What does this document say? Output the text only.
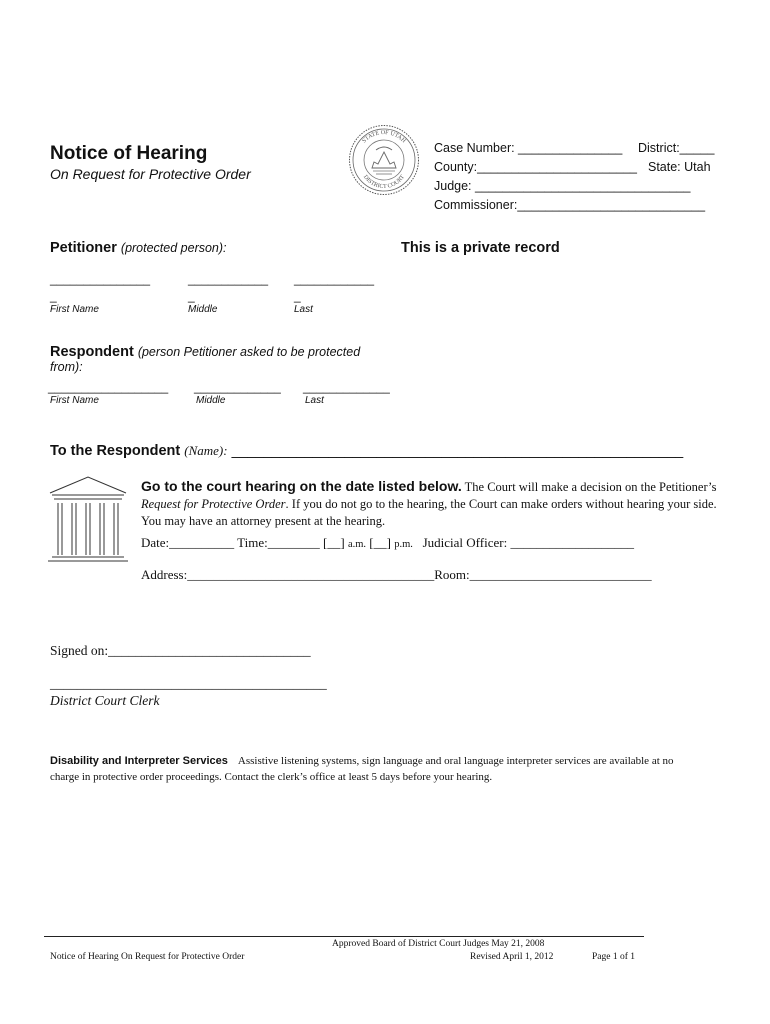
Notice of Hearing
On Request for Protective Order
STATE OF UTAH
DISTRICT COURT
Case Number: _______________ District:_____
County:_______________________ State: Utah
Judge: _______________________________
Commissioner:___________________________
Petitioner (protected person):	This is a private record
_______________	____________ ____________
_	_	_
First Name	Middle	Last
Respondent (person Petitioner asked to be protected from):
__________________ _____________ _____________
First Name	Middle	Last
To the Respondent (Name): ________________________________________________________
Go to the court hearing on the date listed below. The Court will make a decision on the Petitioner’s Request for Protective Order. If you do not go to the hearing, the Court can make orders without hearing your side. You may have an attorney present at the hearing.
Date:__________ Time:________ [__] a.m. [__] p.m. Judicial Officer: ___________________
Address:______________________________________Room:____________________________
Signed on:______________________________
_________________________________________
District Court Clerk
Disability and Interpreter Services Assistive listening systems, sign language and oral language interpreter services are available at no charge in protective order proceedings. Contact the clerk’s office at least 5 days before your hearing.
Notice of Hearing On Request for Protective Order
Approved Board of District Court Judges May 21, 2008
Revised April 1, 2012	Page 1 of 1
